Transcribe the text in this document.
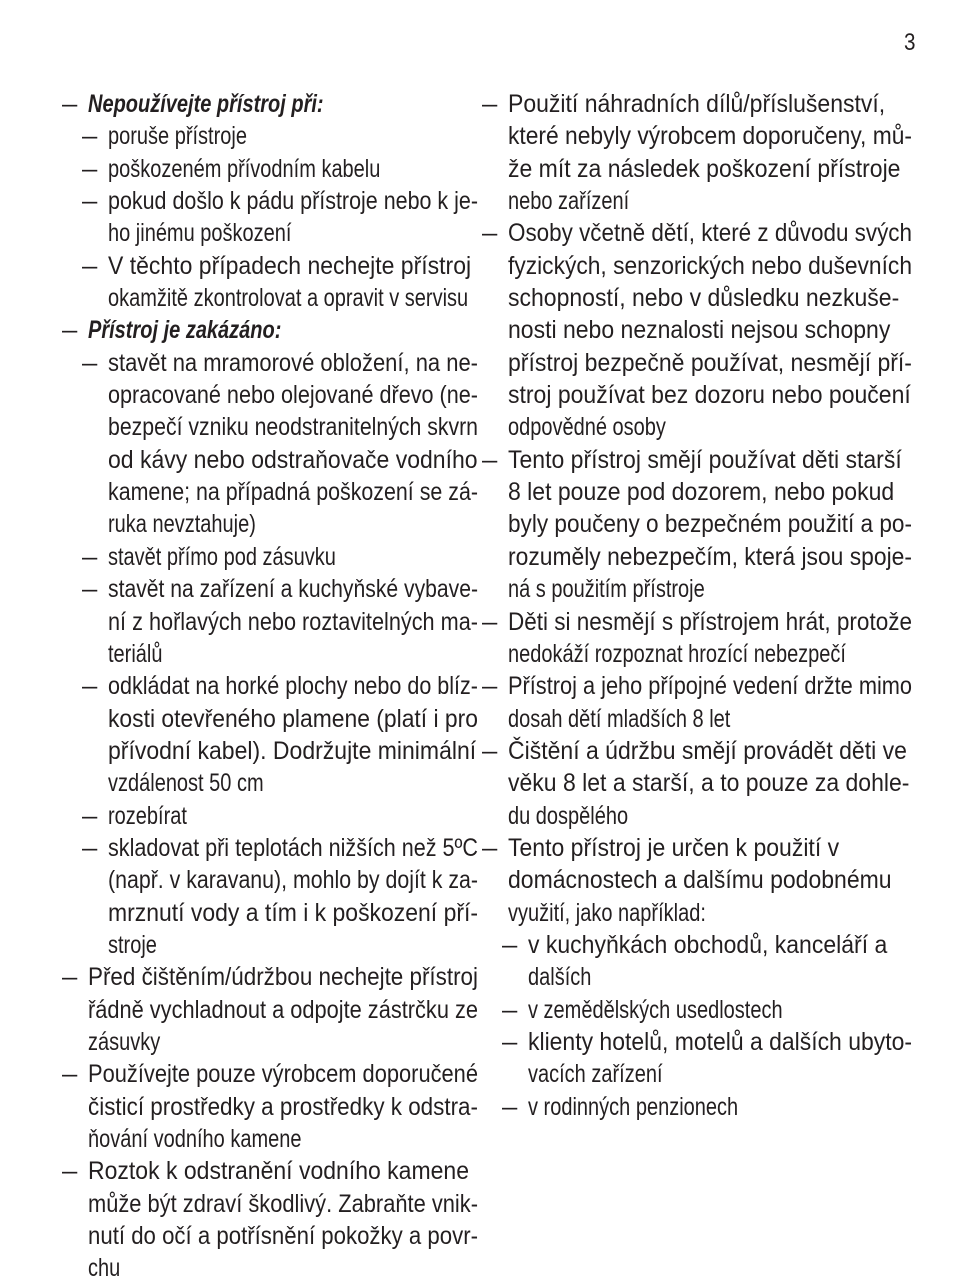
3
– Nepoužívejte přístroj při:
– poruše přístroje
– poškozeném přívodním kabelu
– pokud došlo k pádu přístroje nebo k je-
ho jinému poškození
– V těchto případech nechejte přístroj
okamžitě zkontrolovat a opravit v servisu
– Přístroj je zakázáno:
– stavět na mramorové obložení, na ne-
opracované nebo olejované dřevo (ne-
bezpečí vzniku neodstranitelných skvrn
od kávy nebo odstraňovače vodního
kamene; na případná poškození se zá-
ruka nevztahuje)
– stavět přímo pod zásuvku
– stavět na zařízení a kuchyňské vybave-
ní z hořlavých nebo roztavitelných ma-
teriálů
– odkládat na horké plochy nebo do blíz-
kosti otevřeného plamene (platí i pro
přívodní kabel). Dodržujte minimální
vzdálenost 50 cm
– rozebírat
– skladovat při teplotách nižších než 5ºC
(např. v karavanu), mohlo by dojít k za-
mrznutí vody a tím i k poškození pří-
stroje
– Před čištěním/údržbou nechejte přístroj
řádně vychladnout a odpojte zástrčku ze
zásuvky
– Používejte pouze výrobcem doporučené
čisticí prostředky a prostředky k odstra-
ňování vodního kamene
– Roztok k odstranění vodního kamene
může být zdraví škodlivý. Zabraňte vnik-
nutí do očí a potřísnění pokožky a povr-
chu
– Použití náhradních dílů/příslušenství,
které nebyly výrobcem doporučeny, mů-
že mít za následek poškození přístroje
nebo zařízení
– Osoby včetně dětí, které z důvodu svých
fyzických, senzorických nebo duševních
schopností, nebo v důsledku nezkuše-
nosti nebo neznalosti nejsou schopny
přístroj bezpečně používat, nesmějí pří-
stroj používat bez dozoru nebo poučení
odpovědné osoby
– Tento přístroj smějí používat děti starší
8 let pouze pod dozorem, nebo pokud
byly poučeny o bezpečném použití a po-
rozuměly nebezpečím, která jsou spoje-
ná s použitím přístroje
– Děti si nesmějí s přístrojem hrát, protože
nedokáží rozpoznat hrozící nebezpečí
– Přístroj a jeho přípojné vedení držte mimo
dosah dětí mladších 8 let
– Čištění a údržbu smějí provádět děti ve
věku 8 let a starší, a to pouze za dohle-
du dospělého
– Tento přístroj je určen k použití v
domácnostech a dalšímu podobnému
využití, jako například:
– v kuchyňkách obchodů, kanceláří a
dalších
– v zemědělských usedlostech
– klienty hotelů, motelů a dalších ubyto-
vacích zařízení
– v rodinných penzionech
